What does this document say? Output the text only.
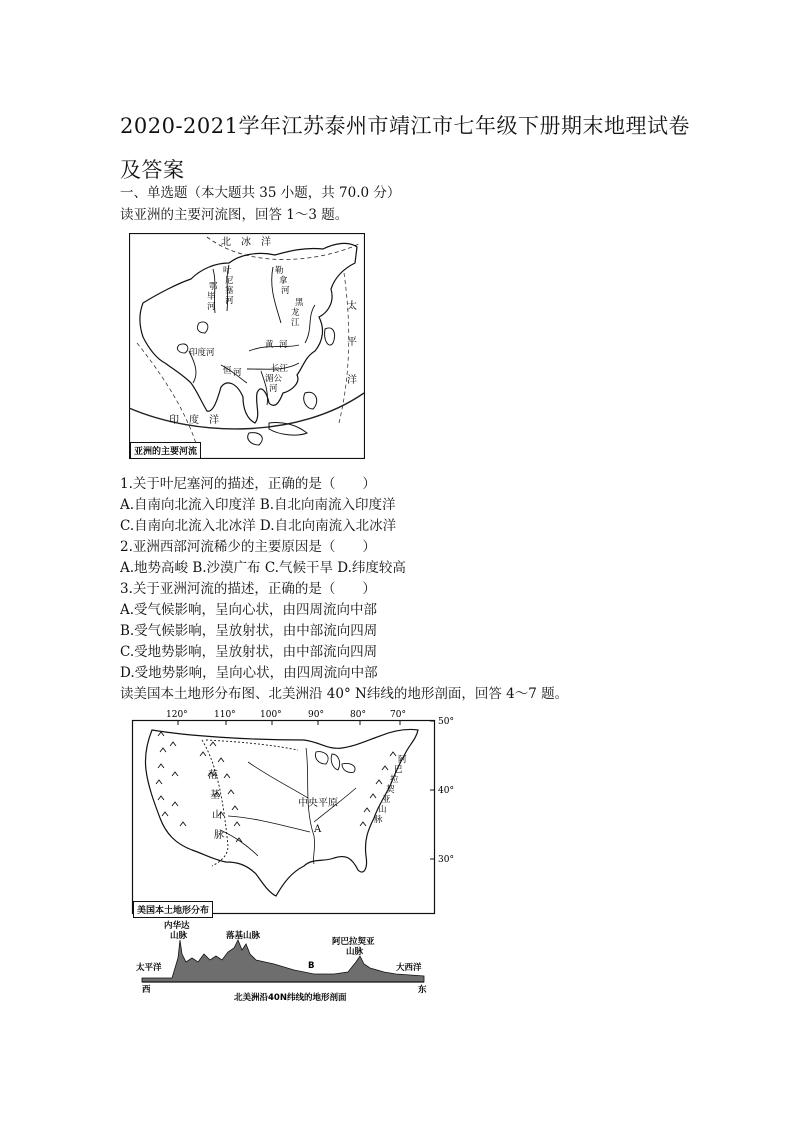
2020-2021学年江苏泰州市靖江市七年级下册期末地理试卷及答案
一、单选题（本大题共 35 小题，共 70.0 分）
读亚洲的主要河流图，回答 1～3 题。
北　冰　洋
太
平
洋
印　度　洋
叶
尼
塞
河
鄂
毕
河	黑
龙
江
勒
拿
河
恒 河
印度河
黄 河
长江
湄公
河
亚洲的主要河流
1.关于叶尼塞河的描述，正确的是（　　）
A.自南向北流入印度洋 B.自北向南流入印度洋
C.自南向北流入北冰洋 D.自北向南流入北冰洋
2.亚洲西部河流稀少的主要原因是（　　）
A.地势高峻 B.沙漠广布 C.气候干旱 D.纬度较高
3.关于亚洲河流的描述，正确的是（　　）
A.受气候影响，呈向心状，由四周流向中部
B.受气候影响，呈放射状，由中部流向四周
C.受地势影响，呈放射状，由中部流向四周
D.受地势影响，呈向心状，由四周流向中部
读美国本土地形分布图、北美洲沿 40° N纬线的地形剖面，回答 4～7 题。
120°	110°	100°	90°	80°	70°
50°
40°
30°
落
基
山
脉
中央平原
A
阿
巴
拉
契
亚
山
脉
美国本土地形分布
内华达
山脉	落基山脉
阿巴拉契亚
山脉
太平洋	大西洋
B
西	东
北美洲沿40N纬线的地形剖面
